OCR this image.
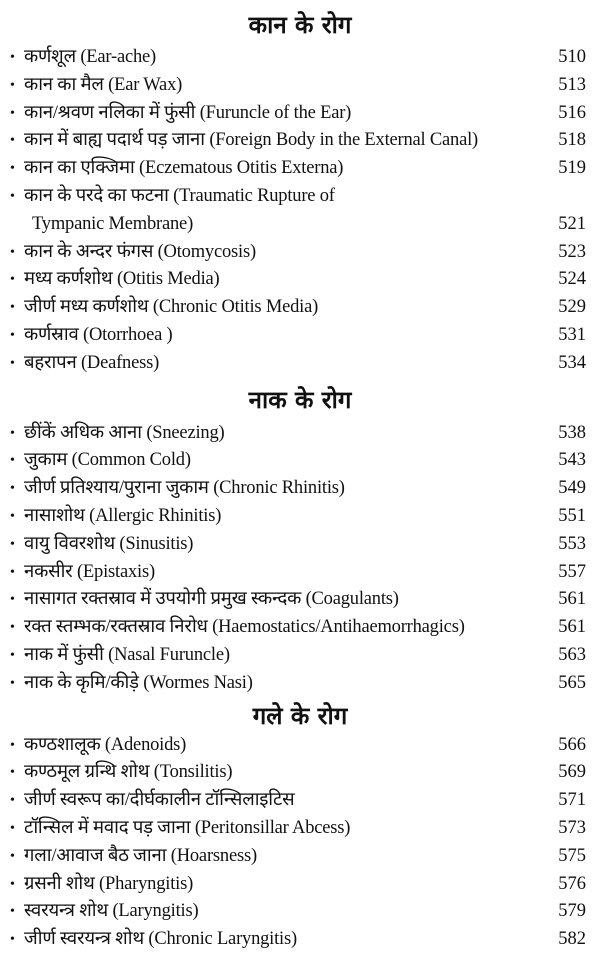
कान के रोग
• कर्णशूल (Ear-ache)	510
• कान का मैल (Ear Wax)	513
• कान/श्रवण नलिका में फुंसी (Furuncle of the Ear)	516
• कान में बाह्य पदार्थ पड़ जाना (Foreign Body in the External Canal)	518
• कान का एक्जिमा (Eczematous Otitis Externa)	519
• कान के परदे का फटना (Traumatic Rupture of
Tympanic Membrane)	521
• कान के अन्दर फंगस (Otomycosis)	523
• मध्य कर्णशोथ (Otitis Media)	524
• जीर्ण मध्य कर्णशोथ (Chronic Otitis Media)	529
• कर्णस्राव (Otorrhoea )	531
• बहरापन (Deafness)	534
नाक के रोग
• छींकें अधिक आना (Sneezing)	538
• जुकाम (Common Cold)	543
• जीर्ण प्रतिश्याय/पुराना जुकाम (Chronic Rhinitis)	549
• नासाशोथ (Allergic Rhinitis)	551
• वायु विवरशोथ (Sinusitis)	553
• नकसीर (Epistaxis)	557
• नासागत रक्तस्राव में उपयोगी प्रमुख स्कन्दक (Coagulants)	561
• रक्त स्तम्भक/रक्तस्राव निरोध (Haemostatics/Antihaemorrhagics)	561
• नाक में फुंसी (Nasal Furuncle)	563
• नाक के कृमि/कीड़े (Wormes Nasi)	565
गले के रोग
• कण्ठशालूक (Adenoids)	566
• कण्ठमूल ग्रन्थि शोथ (Tonsilitis)	569
• जीर्ण स्वरूप का/दीर्घकालीन टॉन्सिलाइटिस	571
• टॉन्सिल में मवाद पड़ जाना (Peritonsillar Abcess)	573
• गला/आवाज बैठ जाना (Hoarsness)	575
• ग्रसनी शोथ (Pharyngitis)	576
• स्वरयन्त्र शोथ (Laryngitis)	579
• जीर्ण स्वरयन्त्र शोथ (Chronic Laryngitis)	582
